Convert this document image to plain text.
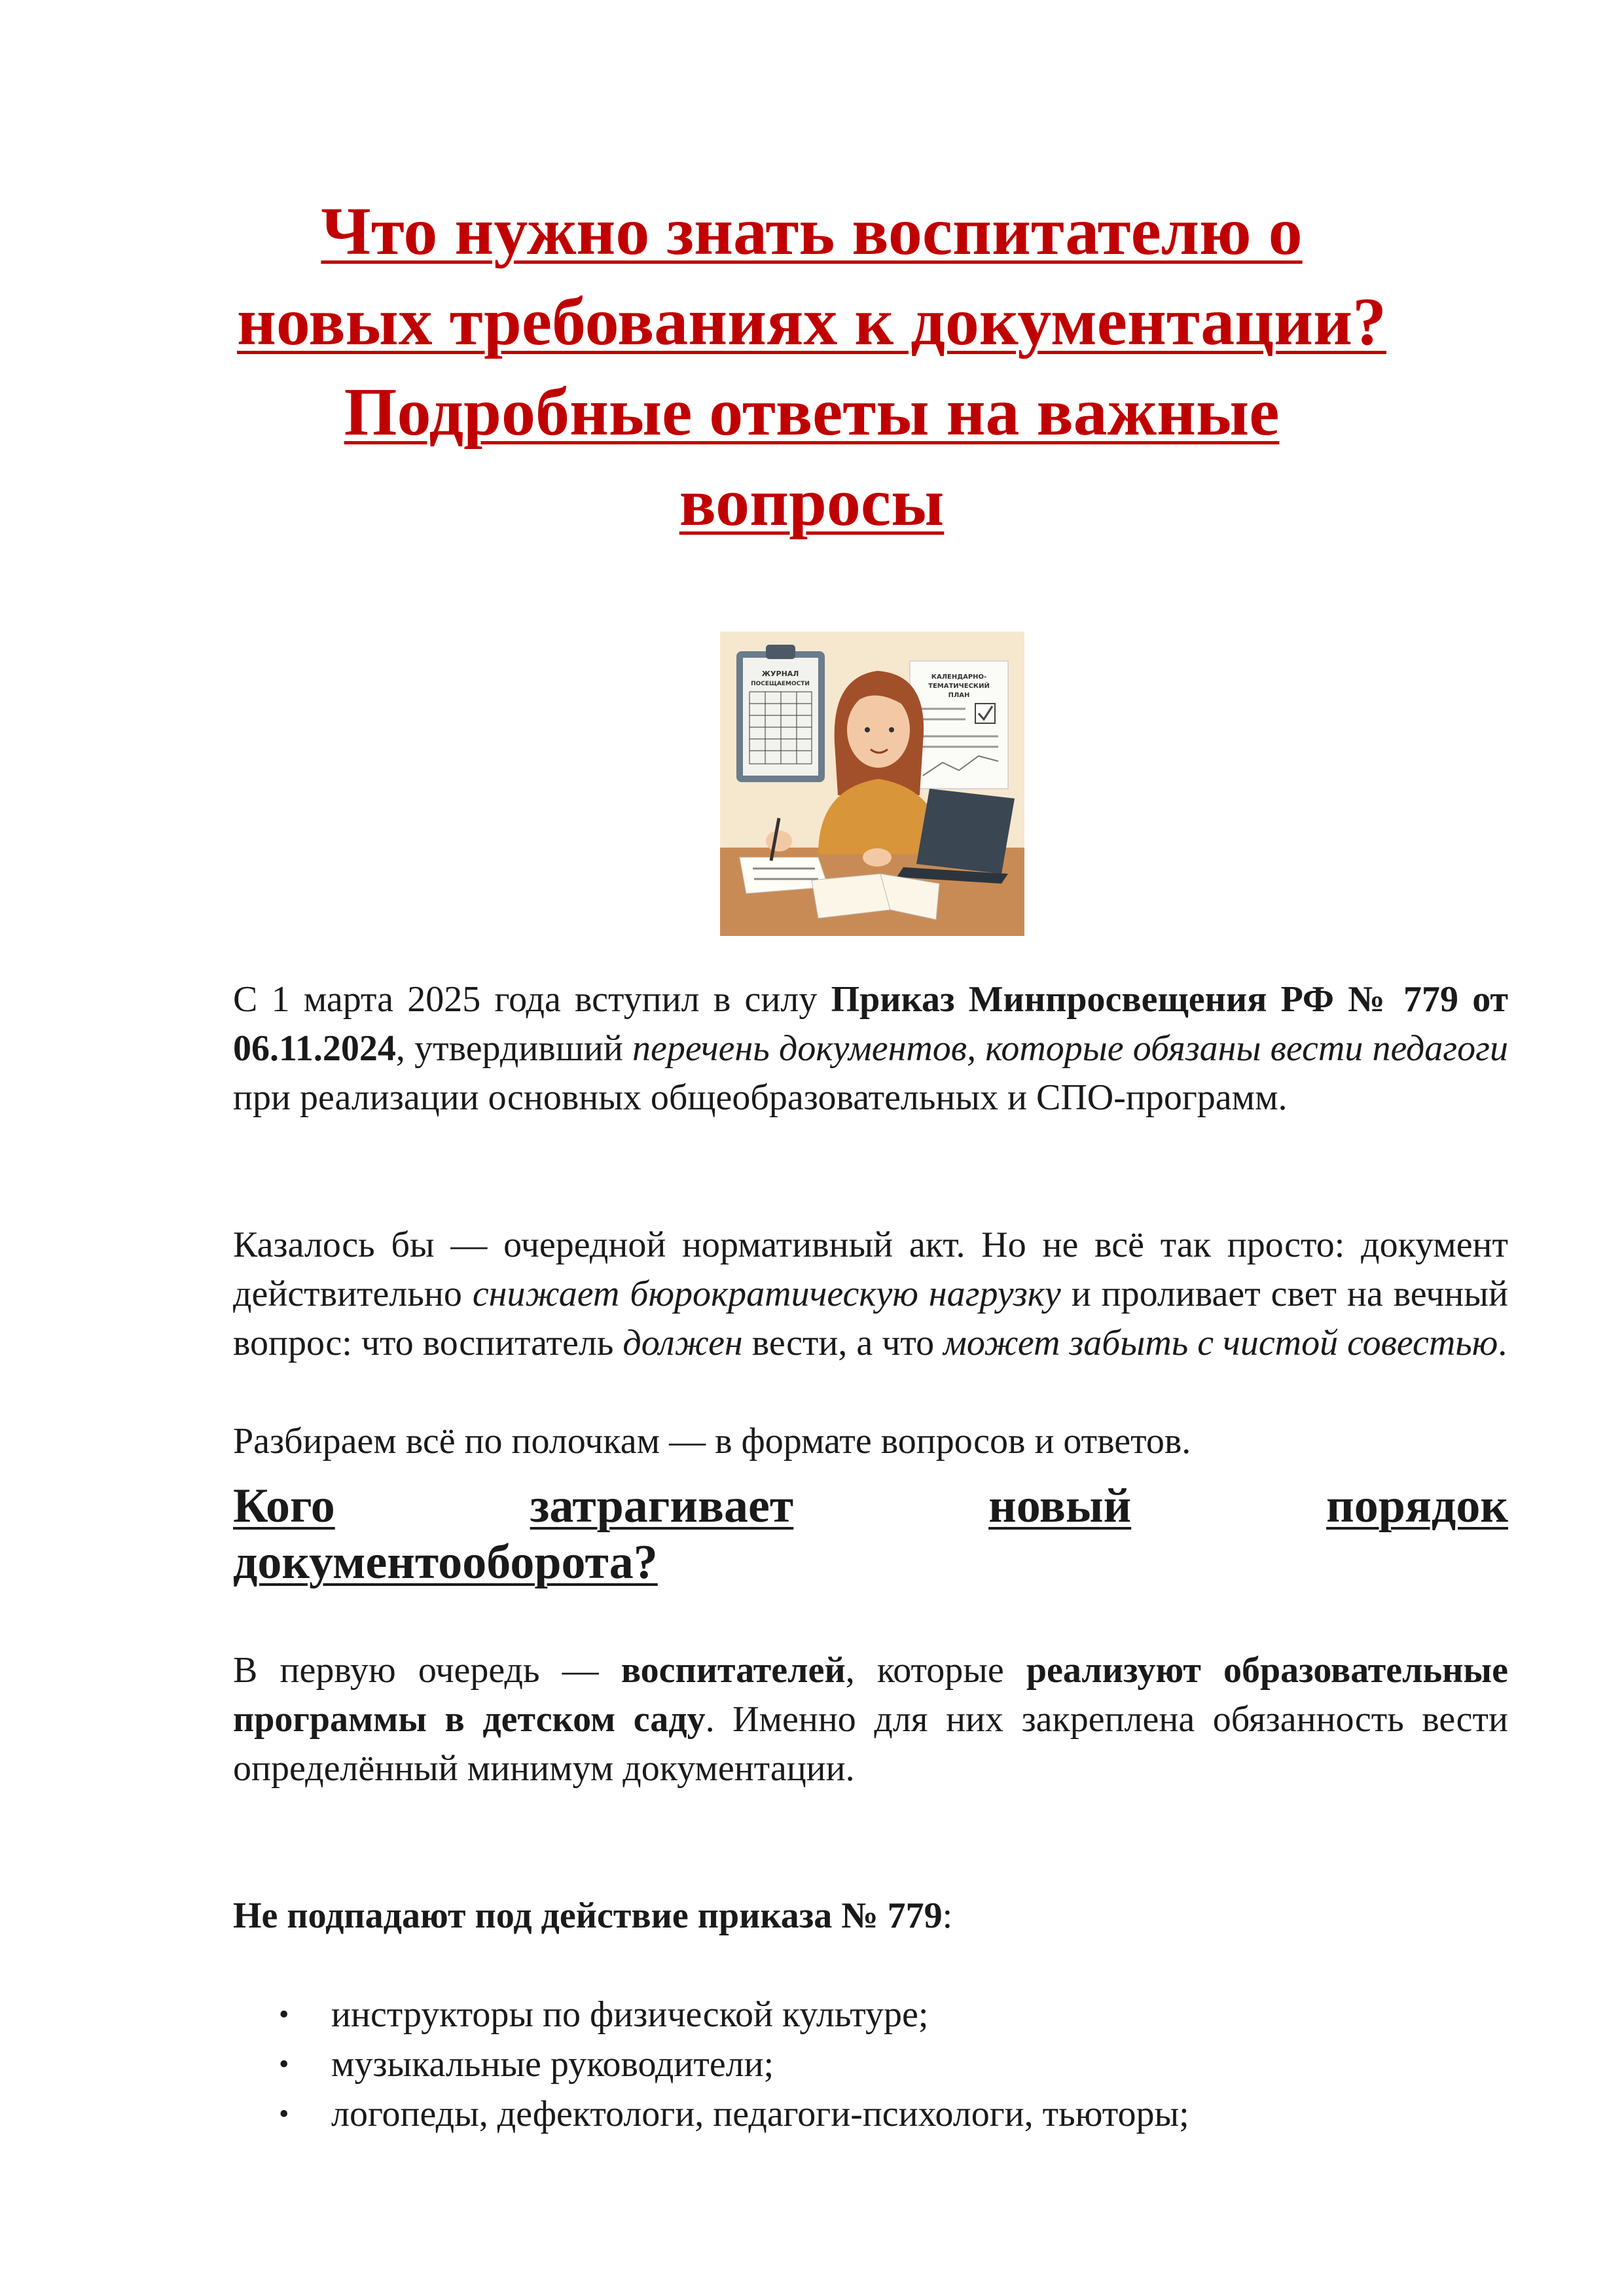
Что нужно знать воспитателю о новых требованиях к документации? Подробные ответы на важные вопросы
ЖУРНАЛ
ПОСЕЩАЕМОСТИ
КАЛЕНДАРНО-
ТЕМАТИЧЕСКИЙ
ПЛАН

С 1 марта 2025 года вступил в силу Приказ Минпросвещения РФ № 779 от 06.11.2024, утвердивший перечень документов, которые обязаны вести педагоги при реализации основных общеобразовательных и СПО-программ.

Казалось бы — очередной нормативный акт. Но не всё так просто: документ действительно снижает бюрократическую нагрузку и проливает свет на вечный вопрос: что воспитатель должен вести, а что может забыть с чистой совестью.

Разбираем всё по полочкам — в формате вопросов и ответов.

Кого	затрагивает	новый	порядок
документооборота?

В первую очередь — воспитателей, которые реализуют образовательные программы в детском саду. Именно для них закреплена обязанность вести определённый минимум документации.

Не подпадают под действие приказа № 779:

• инструкторы по физической культуре;
• музыкальные руководители;
• логопеды, дефектологи, педагоги-психологи, тьюторы;
